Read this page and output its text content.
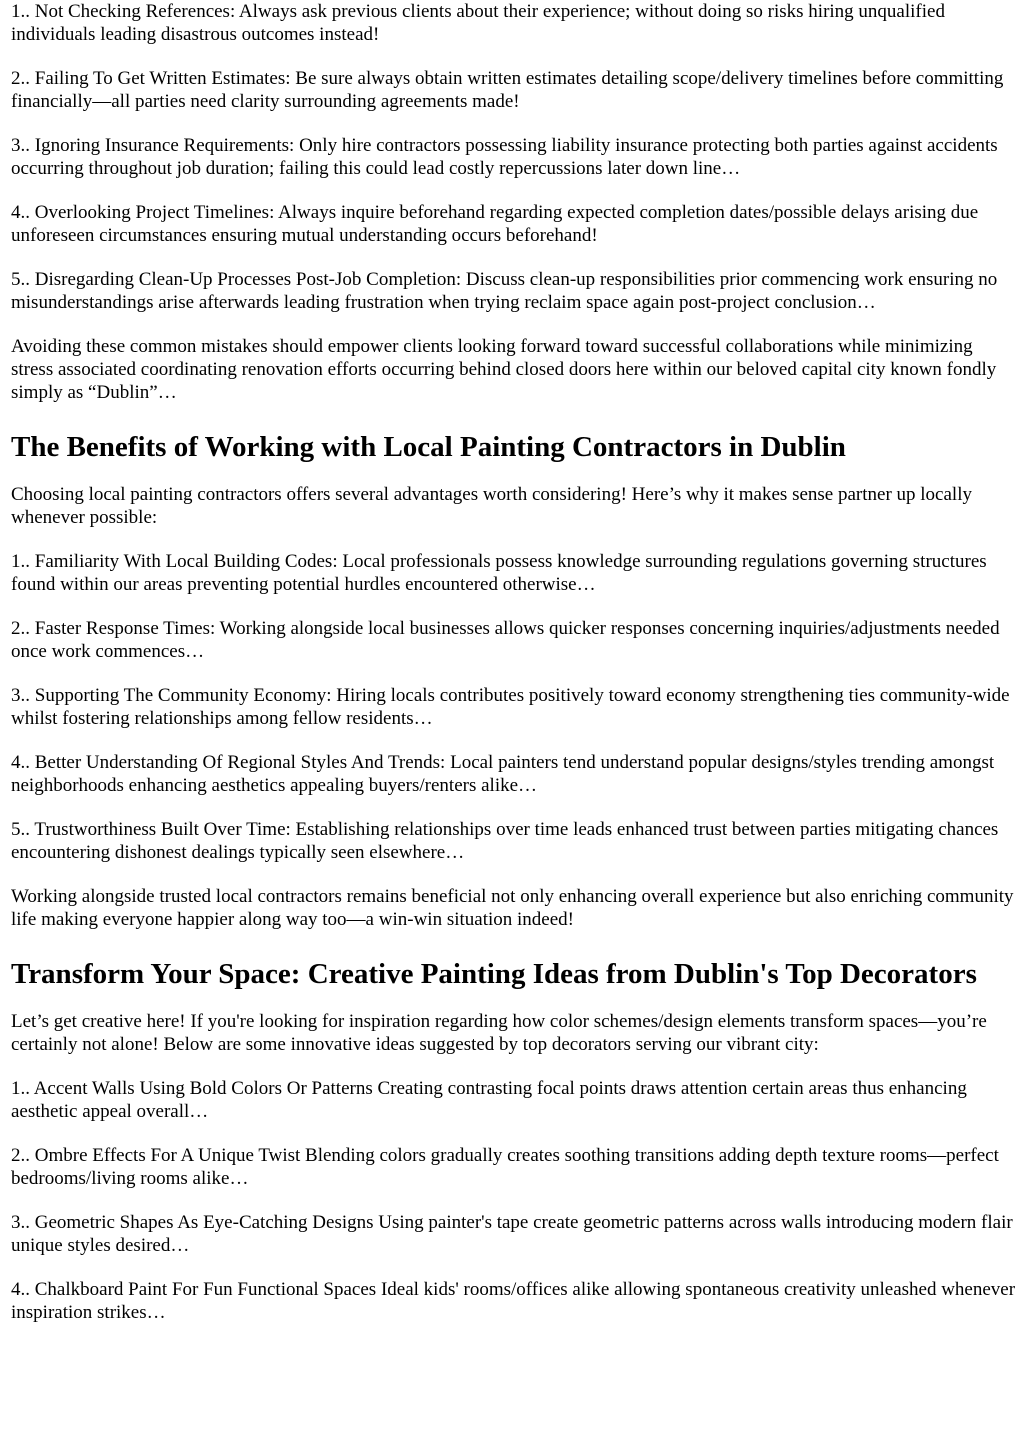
1.. Not Checking References: Always ask previous clients about their experience; without doing so risks hiring unqualified individuals leading disastrous outcomes instead!

2.. Failing To Get Written Estimates: Be sure always obtain written estimates detailing scope/delivery timelines before committing financially—all parties need clarity surrounding agreements made!

3.. Ignoring Insurance Requirements: Only hire contractors possessing liability insurance protecting both parties against accidents occurring throughout job duration; failing this could lead costly repercussions later down line…

4.. Overlooking Project Timelines: Always inquire beforehand regarding expected completion dates/possible delays arising due unforeseen circumstances ensuring mutual understanding occurs beforehand!

5.. Disregarding Clean-Up Processes Post-Job Completion: Discuss clean-up responsibilities prior commencing work ensuring no misunderstandings arise afterwards leading frustration when trying reclaim space again post-project conclusion…

Avoiding these common mistakes should empower clients looking forward toward successful collaborations while minimizing stress associated coordinating renovation efforts occurring behind closed doors here within our beloved capital city known fondly simply as “Dublin”…

The Benefits of Working with Local Painting Contractors in Dublin

Choosing local painting contractors offers several advantages worth considering! Here’s why it makes sense partner up locally whenever possible:

1.. Familiarity With Local Building Codes: Local professionals possess knowledge surrounding regulations governing structures found within our areas preventing potential hurdles encountered otherwise…

2.. Faster Response Times: Working alongside local businesses allows quicker responses concerning inquiries/adjustments needed once work commences…

3.. Supporting The Community Economy: Hiring locals contributes positively toward economy strengthening ties community-wide whilst fostering relationships among fellow residents…

4.. Better Understanding Of Regional Styles And Trends: Local painters tend understand popular designs/styles trending amongst neighborhoods enhancing aesthetics appealing buyers/renters alike…

5.. Trustworthiness Built Over Time: Establishing relationships over time leads enhanced trust between parties mitigating chances encountering dishonest dealings typically seen elsewhere…

Working alongside trusted local contractors remains beneficial not only enhancing overall experience but also enriching community life making everyone happier along way too—a win-win situation indeed!

Transform Your Space: Creative Painting Ideas from Dublin's Top Decorators

Let’s get creative here! If you're looking for inspiration regarding how color schemes/design elements transform spaces—you’re certainly not alone! Below are some innovative ideas suggested by top decorators serving our vibrant city:

1.. Accent Walls Using Bold Colors Or Patterns Creating contrasting focal points draws attention certain areas thus enhancing aesthetic appeal overall…

2.. Ombre Effects For A Unique Twist Blending colors gradually creates soothing transitions adding depth texture rooms—perfect bedrooms/living rooms alike…

3.. Geometric Shapes As Eye-Catching Designs Using painter's tape create geometric patterns across walls introducing modern flair unique styles desired…

4.. Chalkboard Paint For Fun Functional Spaces Ideal kids' rooms/offices alike allowing spontaneous creativity unleashed whenever inspiration strikes…
